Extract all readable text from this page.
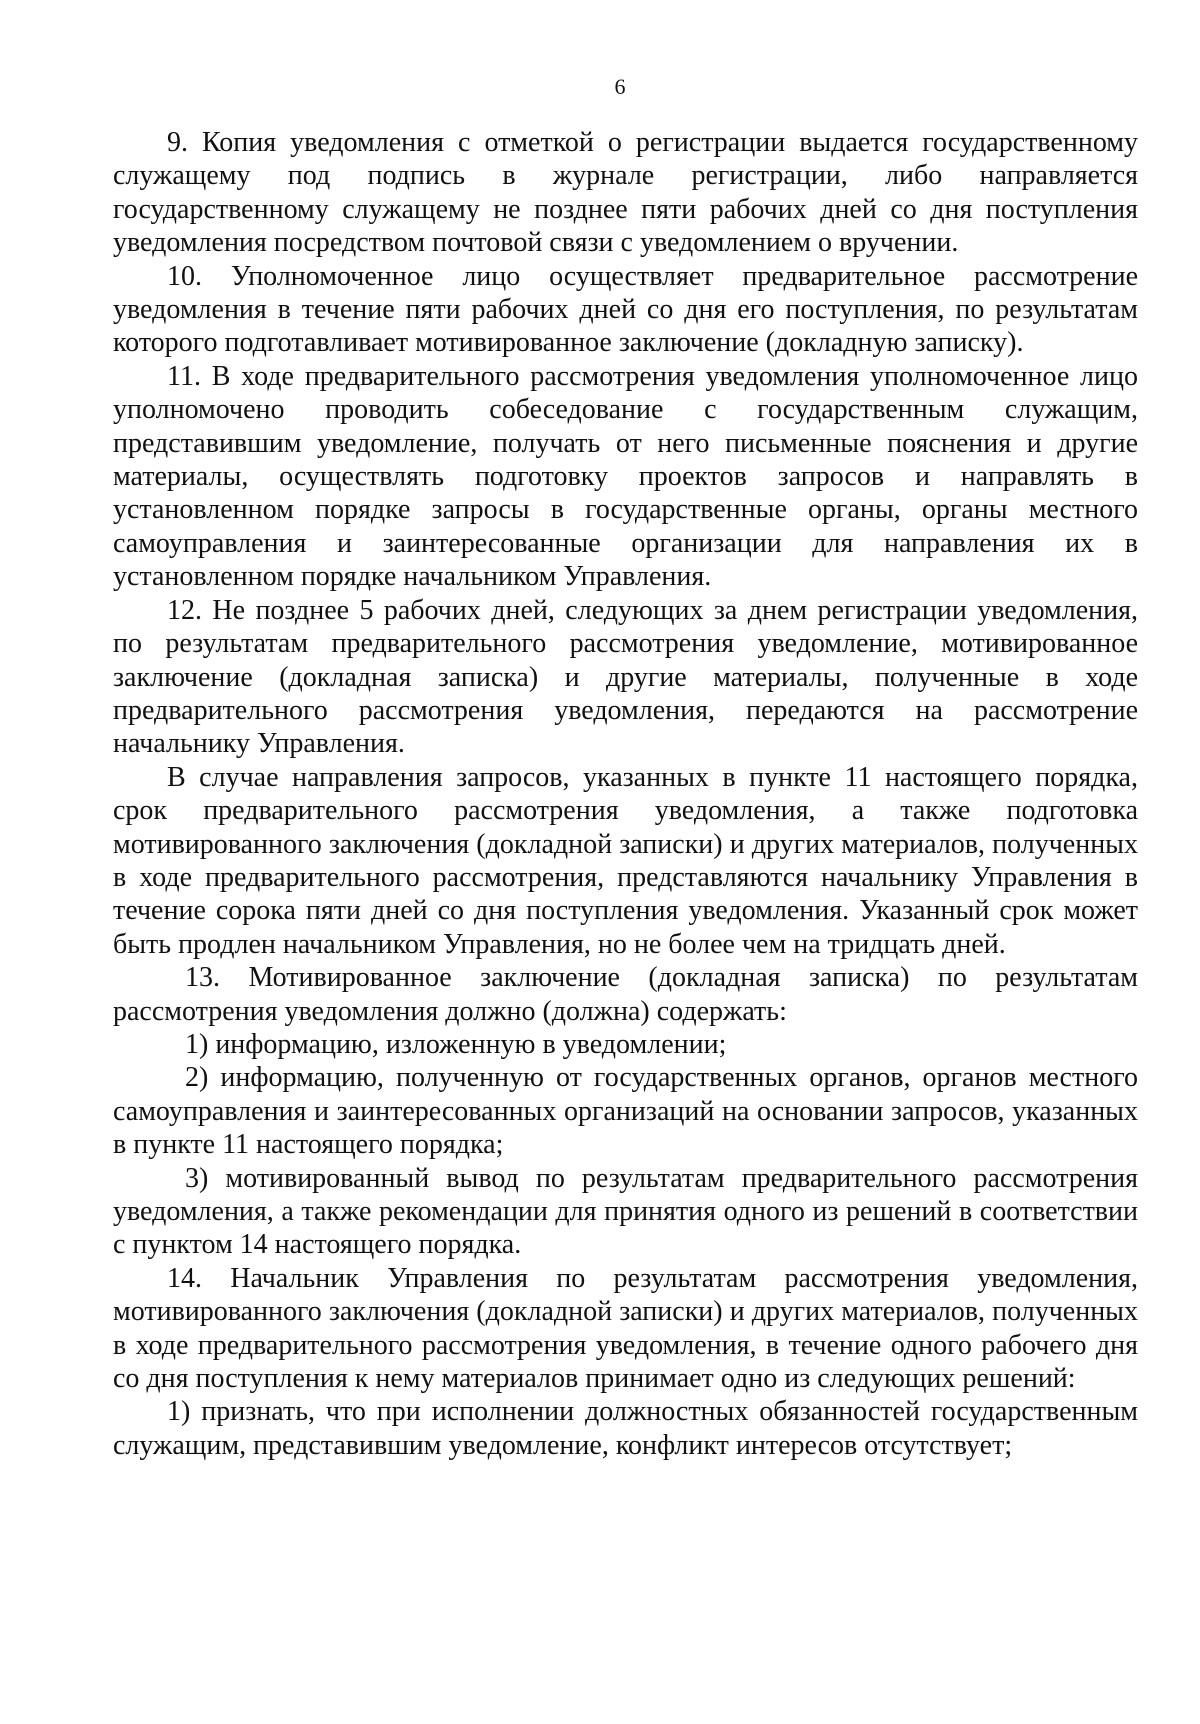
6

9. Копия уведомления с отметкой о регистрации выдается государственному служащему под подпись в журнале регистрации, либо направляется государственному служащему не позднее пяти рабочих дней со дня поступления уведомления посредством почтовой связи с уведомлением о вручении.

10. Уполномоченное лицо осуществляет предварительное рассмотрение уведомления в течение пяти рабочих дней со дня его поступления, по результатам которого подготавливает мотивированное заключение (докладную записку).

11. В ходе предварительного рассмотрения уведомления уполномоченное лицо уполномочено проводить собеседование с государственным служащим, представившим уведомление, получать от него письменные пояснения и другие материалы, осуществлять подготовку проектов запросов и направлять в установленном порядке запросы в государственные органы, органы местного самоуправления и заинтересованные организации для направления их в установленном порядке начальником Управления.

12. Не позднее 5 рабочих дней, следующих за днем регистрации уведомления, по результатам предварительного рассмотрения уведомление, мотивированное заключение (докладная записка) и другие материалы, полученные в ходе предварительного рассмотрения уведомления, передаются на рассмотрение начальнику Управления.

В случае направления запросов, указанных в пункте 11 настоящего порядка, срок предварительного рассмотрения уведомления, а также подготовка мотивированного заключения (докладной записки) и других материалов, полученных в ходе предварительного рассмотрения, представляются начальнику Управления в течение сорока пяти дней со дня поступления уведомления. Указанный срок может быть продлен начальником Управления, но не более чем на тридцать дней.

13. Мотивированное заключение (докладная записка) по результатам рассмотрения уведомления должно (должна) содержать:

1) информацию, изложенную в уведомлении;

2) информацию, полученную от государственных органов, органов местного самоуправления и заинтересованных организаций на основании запросов, указанных в пункте 11 настоящего порядка;

3) мотивированный вывод по результатам предварительного рассмотрения уведомления, а также рекомендации для принятия одного из решений в соответствии с пунктом 14 настоящего порядка.

14. Начальник Управления по результатам рассмотрения уведомления, мотивированного заключения (докладной записки) и других материалов, полученных в ходе предварительного рассмотрения уведомления, в течение одного рабочего дня со дня поступления к нему материалов принимает одно из следующих решений:

1) признать, что при исполнении должностных обязанностей государственным служащим, представившим уведомление, конфликт интересов отсутствует;
